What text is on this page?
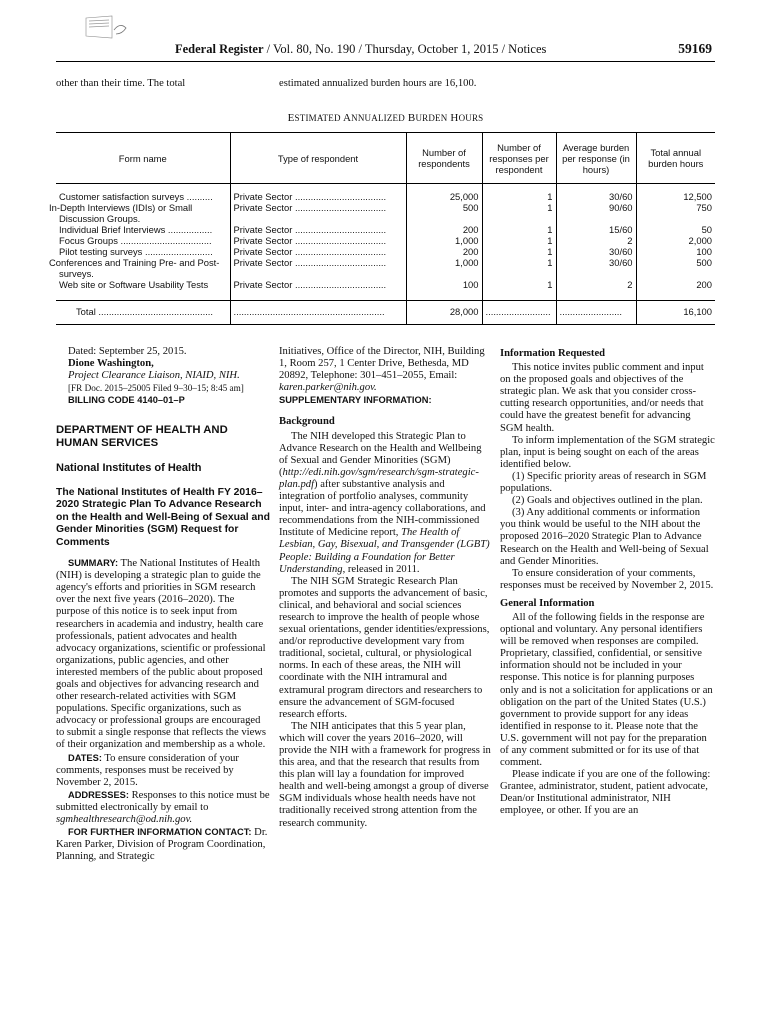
Federal Register / Vol. 80, No. 190 / Thursday, October 1, 2015 / Notices	59169
other than their time. The total	estimated annualized burden hours are 16,100.
ESTIMATED ANNUALIZED BURDEN HOURS
Form name	Type of respondent	Number of respondents	Number of responses per respondent	Average burden per response (in hours)	Total annual burden hours
Customer satisfaction surveys ..........	Private Sector ...................................	25,000	1	30/60	12,500
In-Depth Interviews (IDIs) or Small Discussion Groups.	Private Sector ...................................	500	1	90/60	750
Individual Brief Interviews .................	Private Sector ...................................	200	1	15/60	50
Focus Groups ...................................	Private Sector ...................................	1,000	1	2	2,000
Pilot testing surveys ..........................	Private Sector ...................................	200	1	30/60	100
Conferences and Training Pre- and Post-surveys.	Private Sector ...................................	1,000	1	30/60	500
Web site or Software Usability Tests	Private Sector ...................................	100	1	2	200
Total ............................................	..........................................................	28,000	.........................	........................	16,100

Dated: September 25, 2015.

Dione Washington,

Project Clearance Liaison, NIAID, NIH.

[FR Doc. 2015–25005 Filed 9–30–15; 8:45 am]

BILLING CODE 4140–01–P

DEPARTMENT OF HEALTH AND HUMAN SERVICES
National Institutes of Health
The National Institutes of Health FY 2016–2020 Strategic Plan To Advance Research on the Health and Well-Being of Sexual and Gender Minorities (SGM) Request for Comments

SUMMARY: The National Institutes of Health (NIH) is developing a strategic plan to guide the agency's efforts and priorities in SGM research over the next five years (2016–2020). The purpose of this notice is to seek input from researchers in academia and industry, health care professionals, patient advocates and health advocacy organizations, scientific or professional organizations, public agencies, and other interested members of the public about proposed goals and objectives for advancing research and other research-related activities with SGM populations. Specific organizations, such as advocacy or professional groups are encouraged to submit a single response that reflects the views of their organization and membership as a whole.

DATES: To ensure consideration of your comments, responses must be received by November 2, 2015.

ADDRESSES: Responses to this notice must be submitted electronically by email to sgmhealthresearch@od.nih.gov.

FOR FURTHER INFORMATION CONTACT: Dr. Karen Parker, Division of Program Coordination, Planning, and Strategic

Initiatives, Office of the Director, NIH, Building 1, Room 257, 1 Center Drive, Bethesda, MD 20892, Telephone: 301–451–2055, Email: karen.parker@nih.gov.

SUPPLEMENTARY INFORMATION:

Background

The NIH developed this Strategic Plan to Advance Research on the Health and Wellbeing of Sexual and Gender Minorities (SGM) (http://edi.nih.gov/sgm/research/sgm-strategic-plan.pdf) after substantive analysis and integration of portfolio analyses, community input, inter- and intra-agency collaborations, and recommendations from the NIH-commissioned Institute of Medicine report, The Health of Lesbian, Gay, Bisexual, and Transgender (LGBT) People: Building a Foundation for Better Understanding, released in 2011.

The NIH SGM Strategic Research Plan promotes and supports the advancement of basic, clinical, and behavioral and social sciences research to improve the health of people whose sexual orientations, gender identities/expressions, and/or reproductive development vary from traditional, societal, cultural, or physiological norms. In each of these areas, the NIH will coordinate with the NIH intramural and extramural program directors and researchers to ensure the advancement of SGM-focused research efforts.

The NIH anticipates that this 5 year plan, which will cover the years 2016–2020, will provide the NIH with a framework for progress in this area, and that the research that results from this plan will lay a foundation for improved health and well-being amongst a group of diverse SGM individuals whose health needs have not traditionally received strong attention from the research community.

Information Requested

This notice invites public comment and input on the proposed goals and objectives of the strategic plan. We ask that you consider cross-cutting research opportunities, and/or needs that could have the greatest benefit for advancing SGM health.

To inform implementation of the SGM strategic plan, input is being sought on each of the areas identified below.

(1) Specific priority areas of research in SGM populations.

(2) Goals and objectives outlined in the plan.

(3) Any additional comments or information you think would be useful to the NIH about the proposed 2016–2020 Strategic Plan to Advance Research on the Health and Well-being of Sexual and Gender Minorities.

To ensure consideration of your comments, responses must be received by November 2, 2015.

General Information

All of the following fields in the response are optional and voluntary. Any personal identifiers will be removed when responses are compiled. Proprietary, classified, confidential, or sensitive information should not be included in your response. This notice is for planning purposes only and is not a solicitation for applications or an obligation on the part of the United States (U.S.) government to provide support for any ideas identified in response to it. Please note that the U.S. government will not pay for the preparation of any comment submitted or for its use of that comment.

Please indicate if you are one of the following: Grantee, administrator, student, patient advocate, Dean/or Institutional administrator, NIH employee, or other. If you are an
